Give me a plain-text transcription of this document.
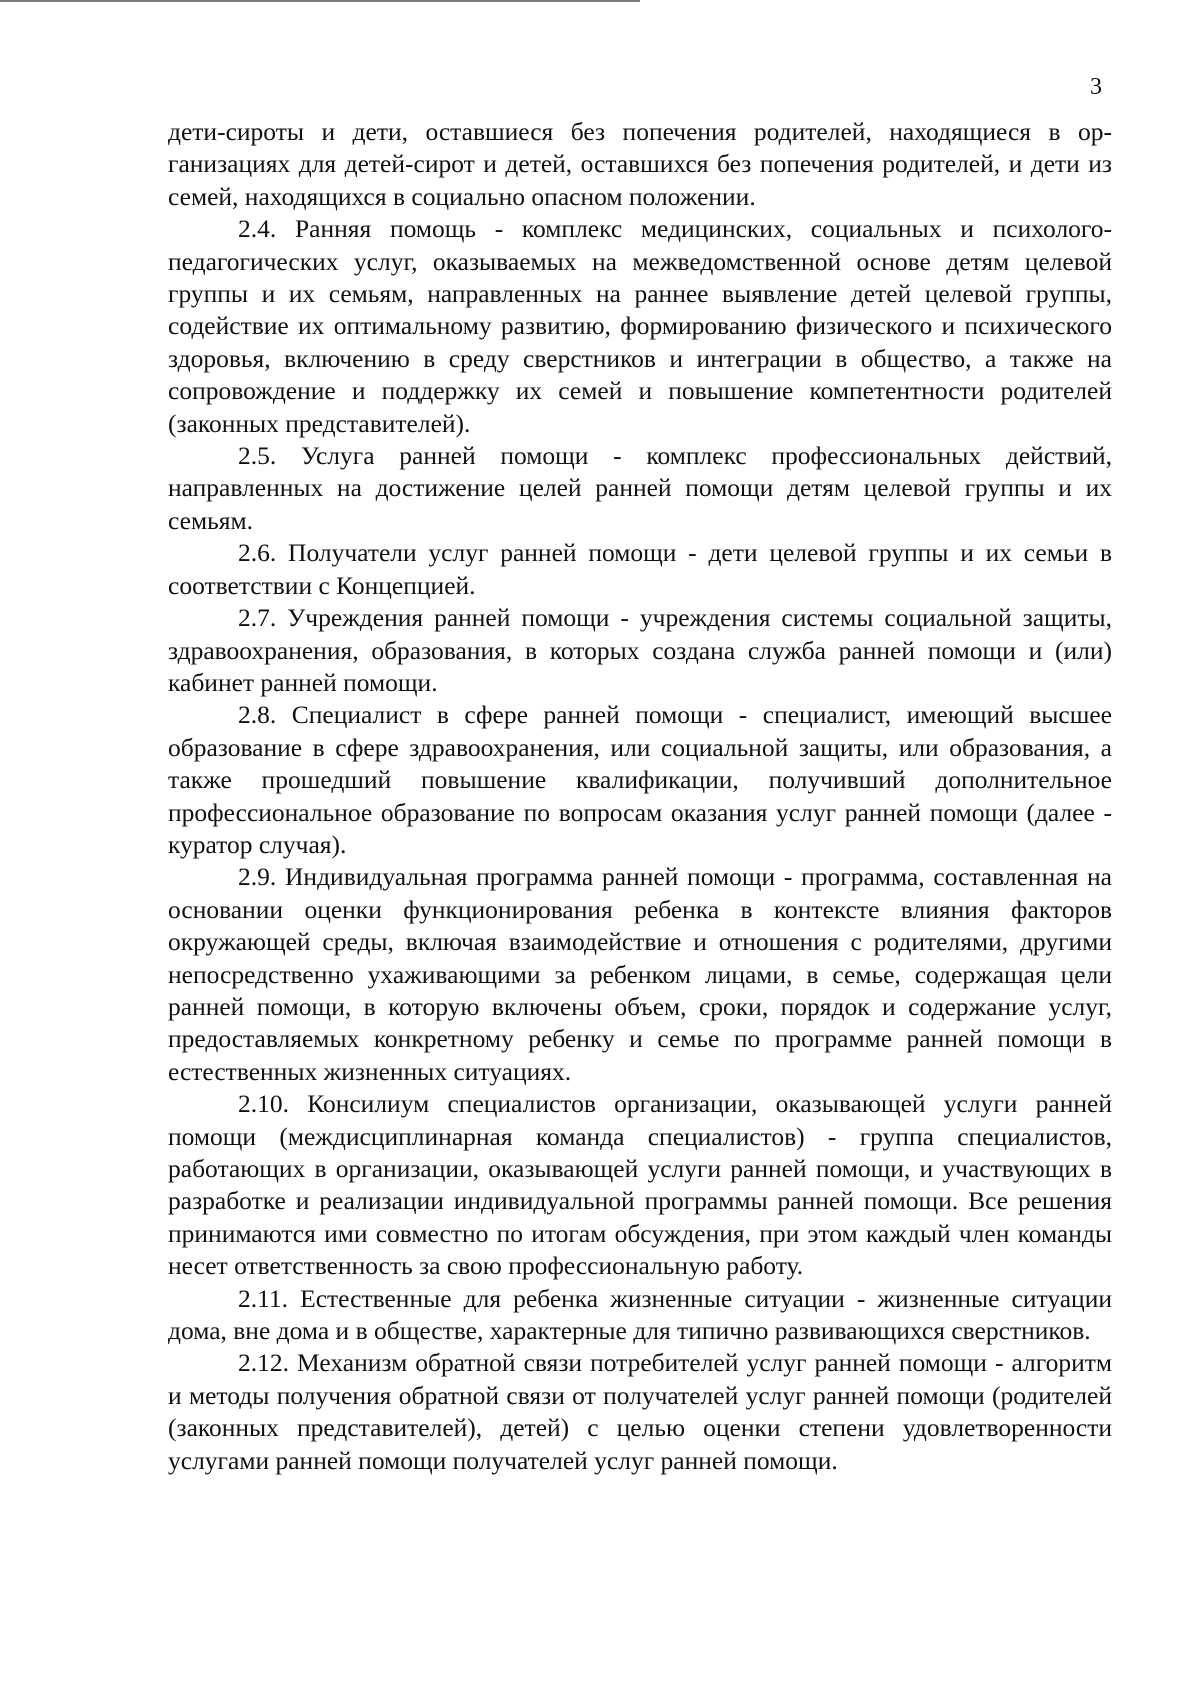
3

дети-сироты и дети, оставшиеся без попечения родителей, находящиеся в организациях для детей-сирот и детей, оставшихся без попечения родителей, и дети из семей, находящихся в социально опасном положении.

2.4. Ранняя помощь - комплекс медицинских, социальных и психолого-педагогических услуг, оказываемых на межведомственной основе детям целевой группы и их семьям, направленных на раннее выявление детей целевой группы, содействие их оптимальному развитию, формированию физического и психического здоровья, включению в среду сверстников и интеграции в общество, а также на сопровождение и поддержку их семей и повышение компетентности родителей (законных представителей).

2.5. Услуга ранней помощи - комплекс профессиональных действий, направленных на достижение целей ранней помощи детям целевой группы и их семьям.

2.6. Получатели услуг ранней помощи - дети целевой группы и их семьи в соответствии с Концепцией.

2.7. Учреждения ранней помощи - учреждения системы социальной защиты, здравоохранения, образования, в которых создана служба ранней помощи и (или) кабинет ранней помощи.

2.8. Специалист в сфере ранней помощи - специалист, имеющий высшее образование в сфере здравоохранения, или социальной защиты, или образования, а также прошедший повышение квалификации, получивший дополнительное профессиональное образование по вопросам оказания услуг ранней помощи (далее - куратор случая).

2.9. Индивидуальная программа ранней помощи - программа, составленная на основании оценки функционирования ребенка в контексте влияния факторов окружающей среды, включая взаимодействие и отношения с родителями, другими непосредственно ухаживающими за ребенком лицами, в семье, содержащая цели ранней помощи, в которую включены объем, сроки, порядок и содержание услуг, предоставляемых конкретному ребенку и семье по программе ранней помощи в естественных жизненных ситуациях.

2.10. Консилиум специалистов организации, оказывающей услуги ранней помощи (междисциплинарная команда специалистов) - группа специалистов, работающих в организации, оказывающей услуги ранней помощи, и участвующих в разработке и реализации индивидуальной программы ранней помощи. Все решения принимаются ими совместно по итогам обсуждения, при этом каждый член команды несет ответственность за свою профессиональную работу.

2.11. Естественные для ребенка жизненные ситуации - жизненные ситуации дома, вне дома и в обществе, характерные для типично развивающихся сверстников.

2.12. Механизм обратной связи потребителей услуг ранней помощи - алгоритм и методы получения обратной связи от получателей услуг ранней помощи (родителей (законных представителей), детей) с целью оценки степени удовлетворенности услугами ранней помощи получателей услуг ранней помощи.
